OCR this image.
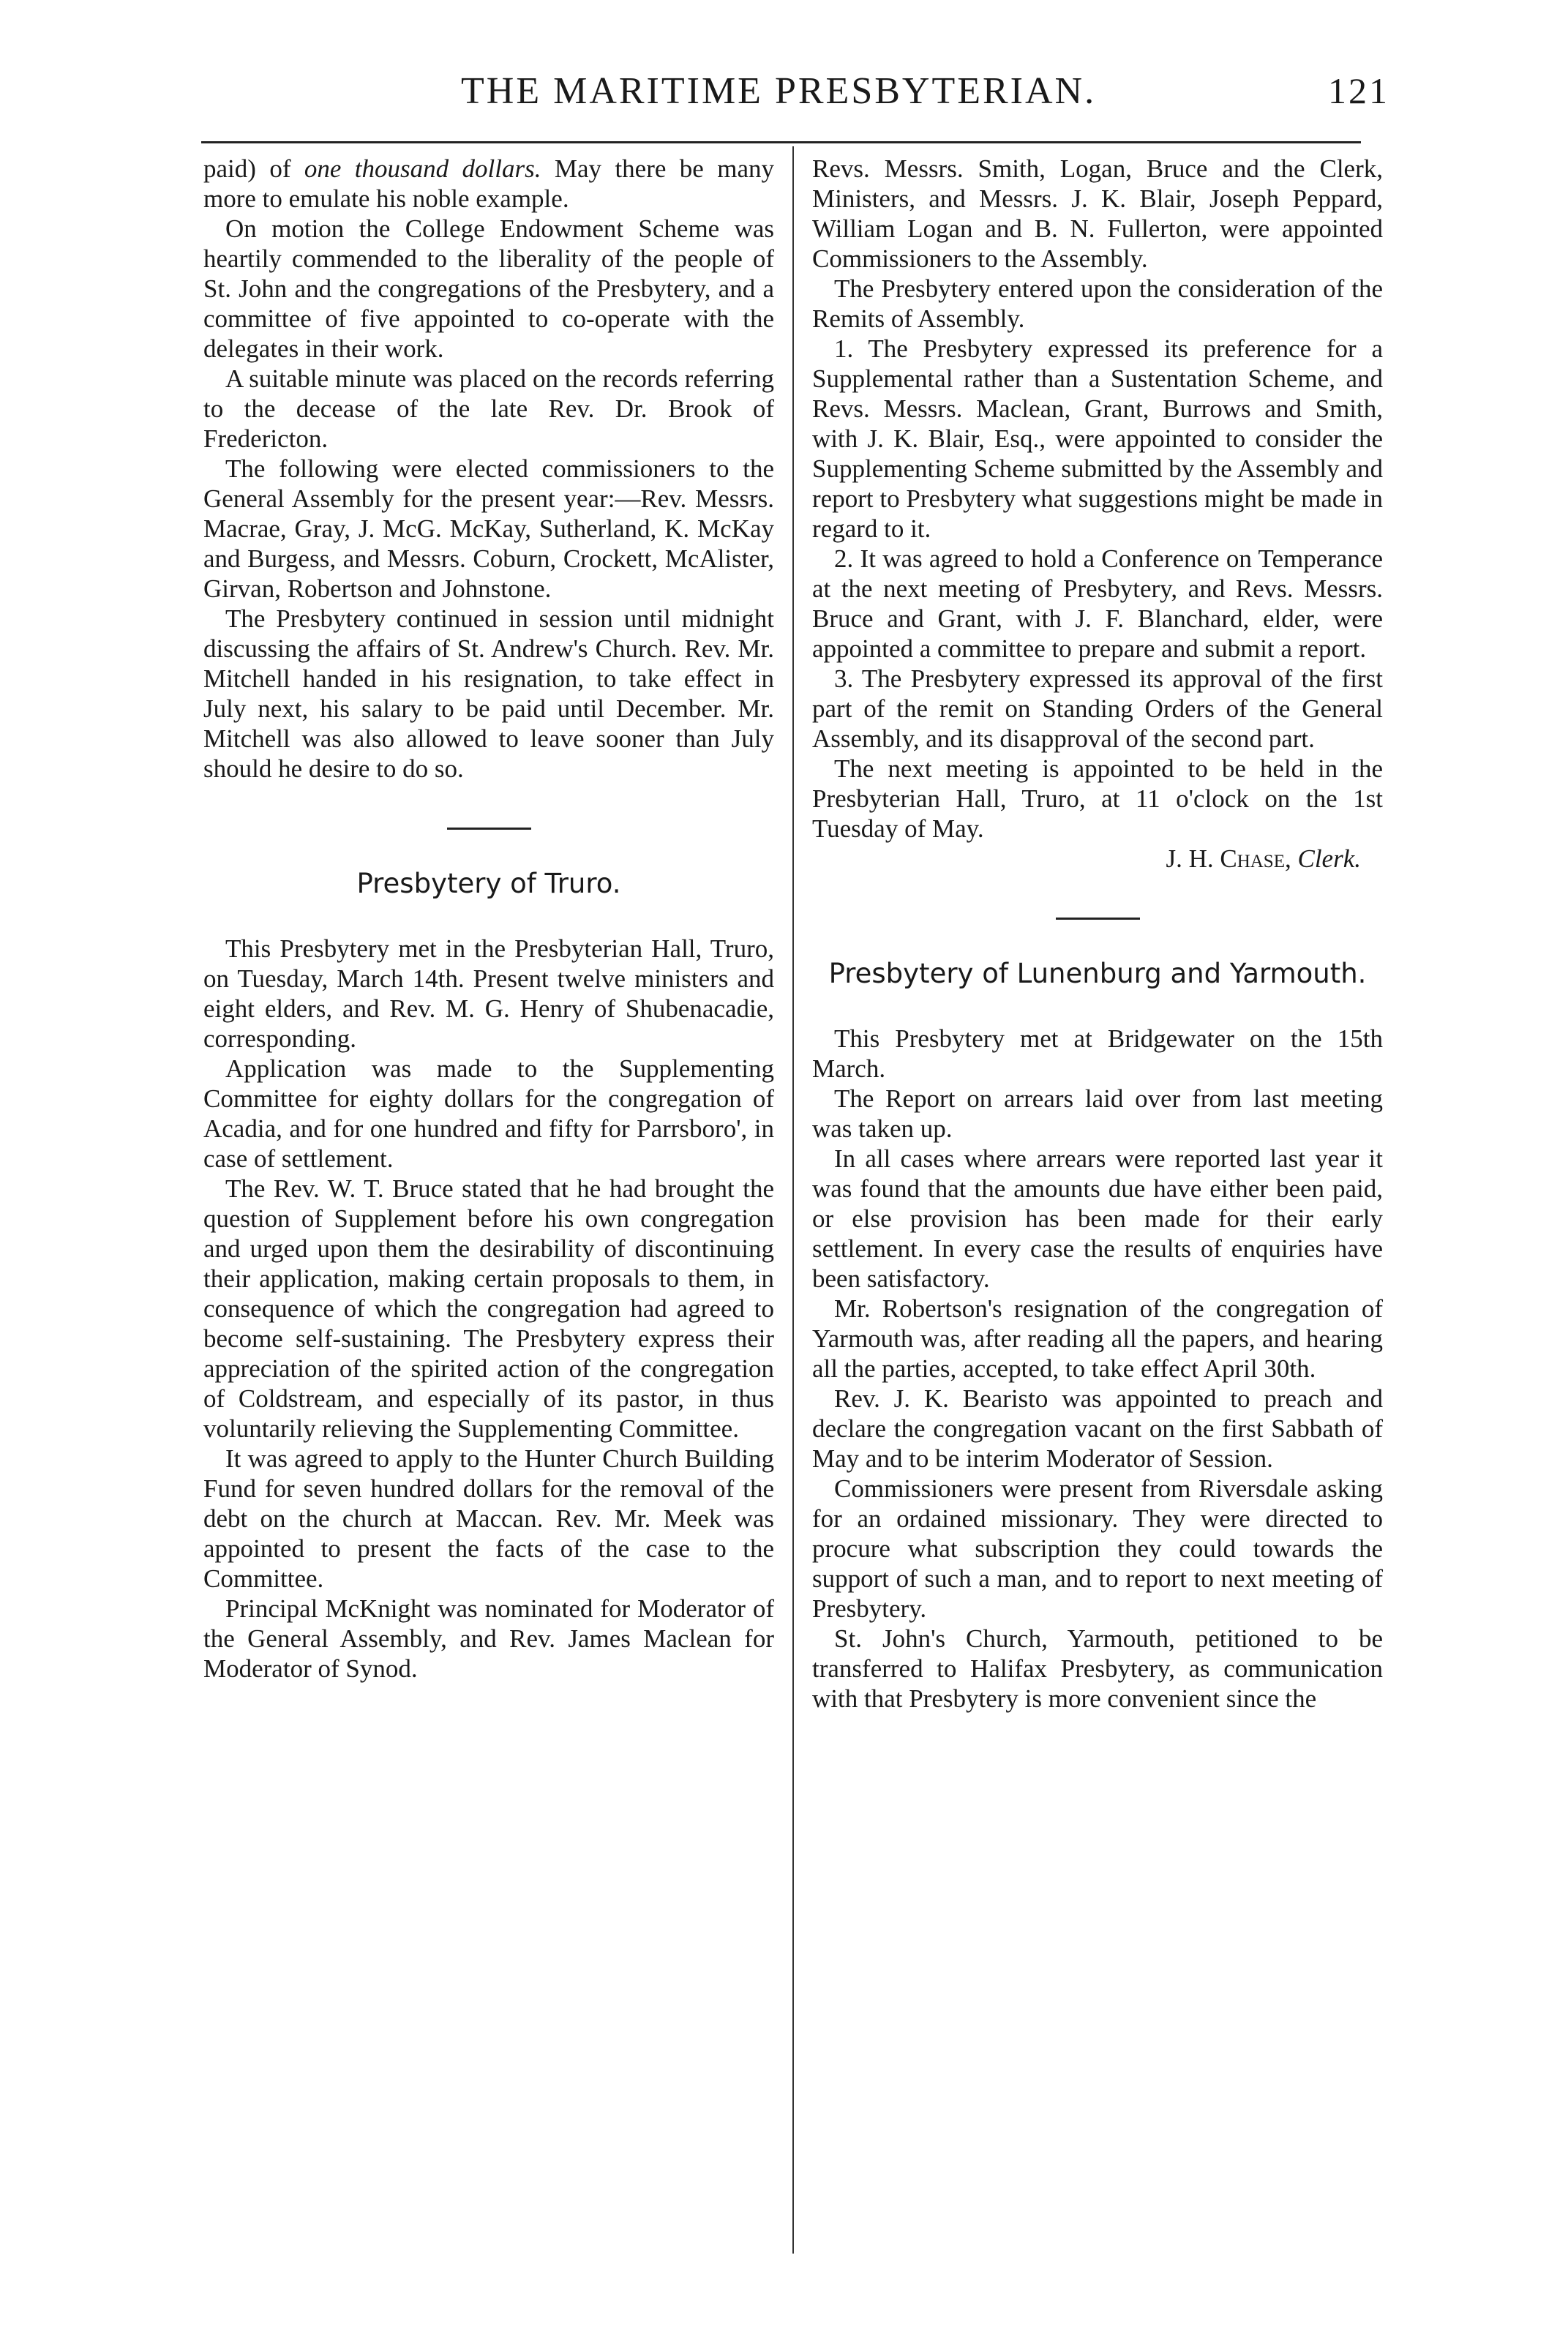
THE MARITIME PRESBYTERIAN.	121

paid) of one thousand dollars. May there be many more to emulate his noble example.

On motion the College Endowment Scheme was heartily commended to the liberality of the people of St. John and the congregations of the Presbytery, and a committee of five appointed to co-operate with the delegates in their work.

A suitable minute was placed on the records referring to the decease of the late Rev. Dr. Brook of Fredericton.

The following were elected commissioners to the General Assembly for the present year:—Rev. Messrs. Macrae, Gray, J. McG. McKay, Sutherland, K. McKay and Burgess, and Messrs. Coburn, Crockett, McAlister, Girvan, Robertson and Johnstone.

The Presbytery continued in session until midnight discussing the affairs of St. Andrew's Church. Rev. Mr. Mitchell handed in his resignation, to take effect in July next, his salary to be paid until December. Mr. Mitchell was also allowed to leave sooner than July should he desire to do so.

Presbytery of Truro.

This Presbytery met in the Presbyterian Hall, Truro, on Tuesday, March 14th. Present twelve ministers and eight elders, and Rev. M. G. Henry of Shubenacadie, corresponding.

Application was made to the Supplementing Committee for eighty dollars for the congregation of Acadia, and for one hundred and fifty for Parrsboro', in case of settlement.

The Rev. W. T. Bruce stated that he had brought the question of Supplement before his own congregation and urged upon them the desirability of discontinuing their application, making certain proposals to them, in consequence of which the congregation had agreed to become self-sustaining. The Presbytery express their appreciation of the spirited action of the congregation of Coldstream, and especially of its pastor, in thus voluntarily relieving the Supplementing Committee.

It was agreed to apply to the Hunter Church Building Fund for seven hundred dollars for the removal of the debt on the church at Maccan. Rev. Mr. Meek was appointed to present the facts of the case to the Committee.

Principal McKnight was nominated for Moderator of the General Assembly, and Rev. James Maclean for Moderator of Synod.

Revs. Messrs. Smith, Logan, Bruce and the Clerk, Ministers, and Messrs. J. K. Blair, Joseph Peppard, William Logan and B. N. Fullerton, were appointed Commissioners to the Assembly.

The Presbytery entered upon the consideration of the Remits of Assembly.

1. The Presbytery expressed its preference for a Supplemental rather than a Sustentation Scheme, and Revs. Messrs. Maclean, Grant, Burrows and Smith, with J. K. Blair, Esq., were appointed to consider the Supplementing Scheme submitted by the Assembly and report to Presbytery what suggestions might be made in regard to it.

2. It was agreed to hold a Conference on Temperance at the next meeting of Presbytery, and Revs. Messrs. Bruce and Grant, with J. F. Blanchard, elder, were appointed a committee to prepare and submit a report.

3. The Presbytery expressed its approval of the first part of the remit on Standing Orders of the General Assembly, and its disapproval of the second part.

The next meeting is appointed to be held in the Presbyterian Hall, Truro, at 11 o'clock on the 1st Tuesday of May.

J. H. Chase, Clerk.

Presbytery of Lunenburg and Yarmouth.

This Presbytery met at Bridgewater on the 15th March.

The Report on arrears laid over from last meeting was taken up.

In all cases where arrears were reported last year it was found that the amounts due have either been paid, or else provision has been made for their early settlement. In every case the results of enquiries have been satisfactory.

Mr. Robertson's resignation of the congregation of Yarmouth was, after reading all the papers, and hearing all the parties, accepted, to take effect April 30th.

Rev. J. K. Bearisto was appointed to preach and declare the congregation vacant on the first Sabbath of May and to be interim Moderator of Session.

Commissioners were present from Riversdale asking for an ordained missionary. They were directed to procure what subscription they could towards the support of such a man, and to report to next meeting of Presbytery.

St. John's Church, Yarmouth, petitioned to be transferred to Halifax Presbytery, as communication with that Presbytery is more convenient since the
